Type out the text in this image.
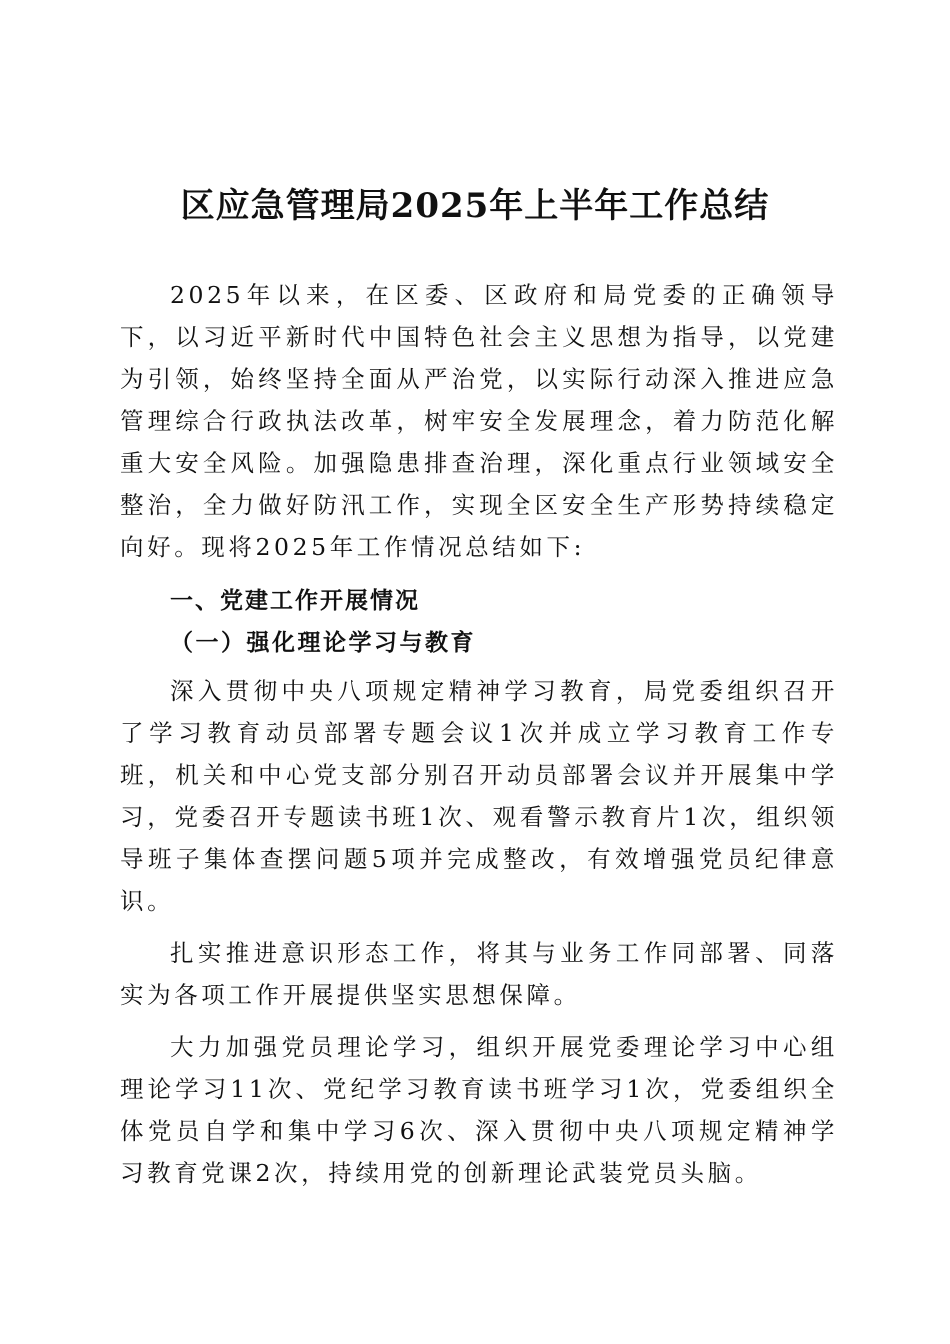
区应急管理局2025年上半年工作总结

2025年以来，在区委、区政府和局党委的正确领导下，以习近平新时代中国特色社会主义思想为指导，以党建为引领，始终坚持全面从严治党，以实际行动深入推进应急管理综合行政执法改革，树牢安全发展理念，着力防范化解重大安全风险。加强隐患排查治理，深化重点行业领域安全整治，全力做好防汛工作，实现全区安全生产形势持续稳定向好。现将2025年工作情况总结如下:

一、党建工作开展情况

（一）强化理论学习与教育

深入贯彻中央八项规定精神学习教育，局党委组织召开了学习教育动员部署专题会议1次并成立学习教育工作专班，机关和中心党支部分别召开动员部署会议并开展集中学习，党委召开专题读书班1次、观看警示教育片1次，组织领导班子集体查摆问题5项并完成整改，有效增强党员纪律意识。

扎实推进意识形态工作，将其与业务工作同部署、同落实为各项工作开展提供坚实思想保障。

大力加强党员理论学习，组织开展党委理论学习中心组理论学习11次、党纪学习教育读书班学习1次，党委组织全体党员自学和集中学习6次、深入贯彻中央八项规定精神学习教育党课2次，持续用党的创新理论武装党员头脑。
